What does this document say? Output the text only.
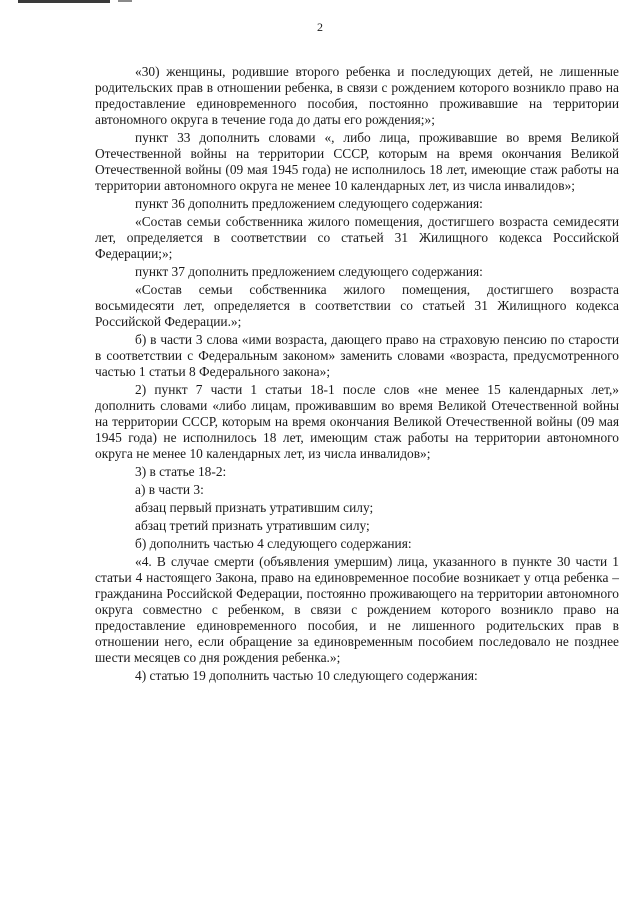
2

«30) женщины, родившие второго ребенка и последующих детей, не лишенные родительских прав в отношении ребенка, в связи с рождением которого возникло право на предоставление единовременного пособия, постоянно проживавшие на территории автономного округа в течение года до даты его рождения;»;

пункт 33 дополнить словами «, либо лица, проживавшие во время Великой Отечественной войны на территории СССР, которым на время окончания Великой Отечественной войны (09 мая 1945 года) не исполнилось 18 лет, имеющие стаж работы на территории автономного округа не менее 10 календарных лет, из числа инвалидов»;

пункт 36 дополнить предложением следующего содержания:

«Состав семьи собственника жилого помещения, достигшего возраста семидесяти лет, определяется в соответствии со статьей 31 Жилищного кодекса Российской Федерации;»;

пункт 37 дополнить предложением следующего содержания:

«Состав семьи собственника жилого помещения, достигшего возраста восьмидесяти лет, определяется в соответствии со статьей 31 Жилищного кодекса Российской Федерации.»;

б) в части 3 слова «ими возраста, дающего право на страховую пенсию по старости в соответствии с Федеральным законом» заменить словами «возраста, предусмотренного частью 1 статьи 8 Федерального закона»;

2) пункт 7 части 1 статьи 18-1 после слов «не менее 15 календарных лет,» дополнить словами «либо лицам, проживавшим во время Великой Отечественной войны на территории СССР, которым на время окончания Великой Отечественной войны (09 мая 1945 года) не исполнилось 18 лет, имеющим стаж работы на территории автономного округа не менее 10 календарных лет, из числа инвалидов»;

3) в статье 18-2:

а) в части 3:

абзац первый признать утратившим силу;

абзац третий признать утратившим силу;

б) дополнить частью 4 следующего содержания:

«4. В случае смерти (объявления умершим) лица, указанного в пункте 30 части 1 статьи 4 настоящего Закона, право на единовременное пособие возникает у отца ребенка – гражданина Российской Федерации, постоянно проживающего на территории автономного округа совместно с ребенком, в связи с рождением которого возникло право на предоставление единовременного пособия, и не лишенного родительских прав в отношении него, если обращение за единовременным пособием последовало не позднее шести месяцев со дня рождения ребенка.»;

4) статью 19 дополнить частью 10 следующего содержания:
